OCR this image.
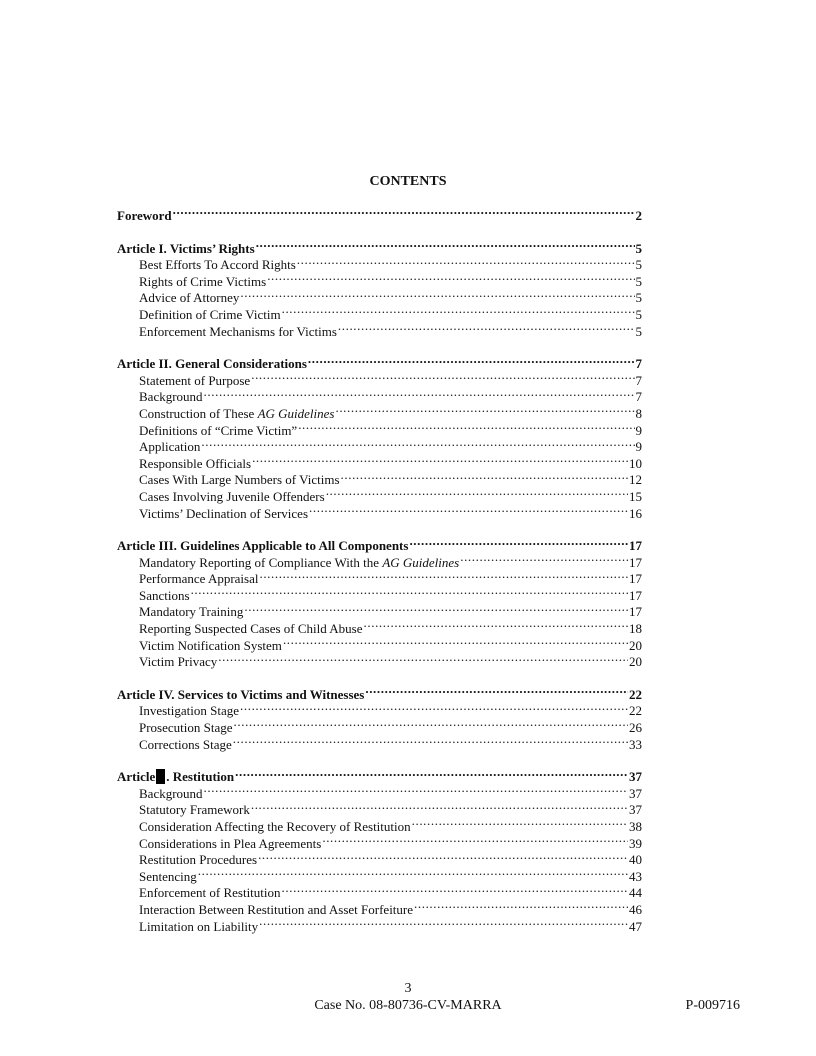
CONTENTS
Foreword .....	2
Article I. Victims’ Rights .....	5
Best Efforts To Accord Rights .....	5
Rights of Crime Victims .....	5
Advice of Attorney .....	5
Definition of Crime Victim .....	5
Enforcement Mechanisms for Victims .....	5
Article II. General Considerations .....	7
Statement of Purpose .....	7
Background .....	7
Construction of These AG Guidelines .....	8
Definitions of “Crime Victim” .....	9
Application .....	9
Responsible Officials .....	10
Cases With Large Numbers of Victims .....	12
Cases Involving Juvenile Offenders .....	15
Victims’ Declination of Services .....	16
Article III. Guidelines Applicable to All Components .....	17
Mandatory Reporting of Compliance With the AG Guidelines .....	17
Performance Appraisal .....	17
Sanctions .....	17
Mandatory Training .....	17
Reporting Suspected Cases of Child Abuse .....	18
Victim Notification System .....	20
Victim Privacy .....	20
Article IV. Services to Victims and Witnesses .....	22
Investigation Stage .....	22
Prosecution Stage .....	26
Corrections Stage .....	33
Article . Restitution .....	37
Background .....	37
Statutory Framework .....	37
Consideration Affecting the Recovery of Restitution .....	38
Considerations in Plea Agreements .....	39
Restitution Procedures .....	40
Sentencing .....	43
Enforcement of Restitution .....	44
Interaction Between Restitution and Asset Forfeiture .....	46
Limitation on Liability .....	47
3
Case No. 08-80736-CV-MARRA	P-009716
